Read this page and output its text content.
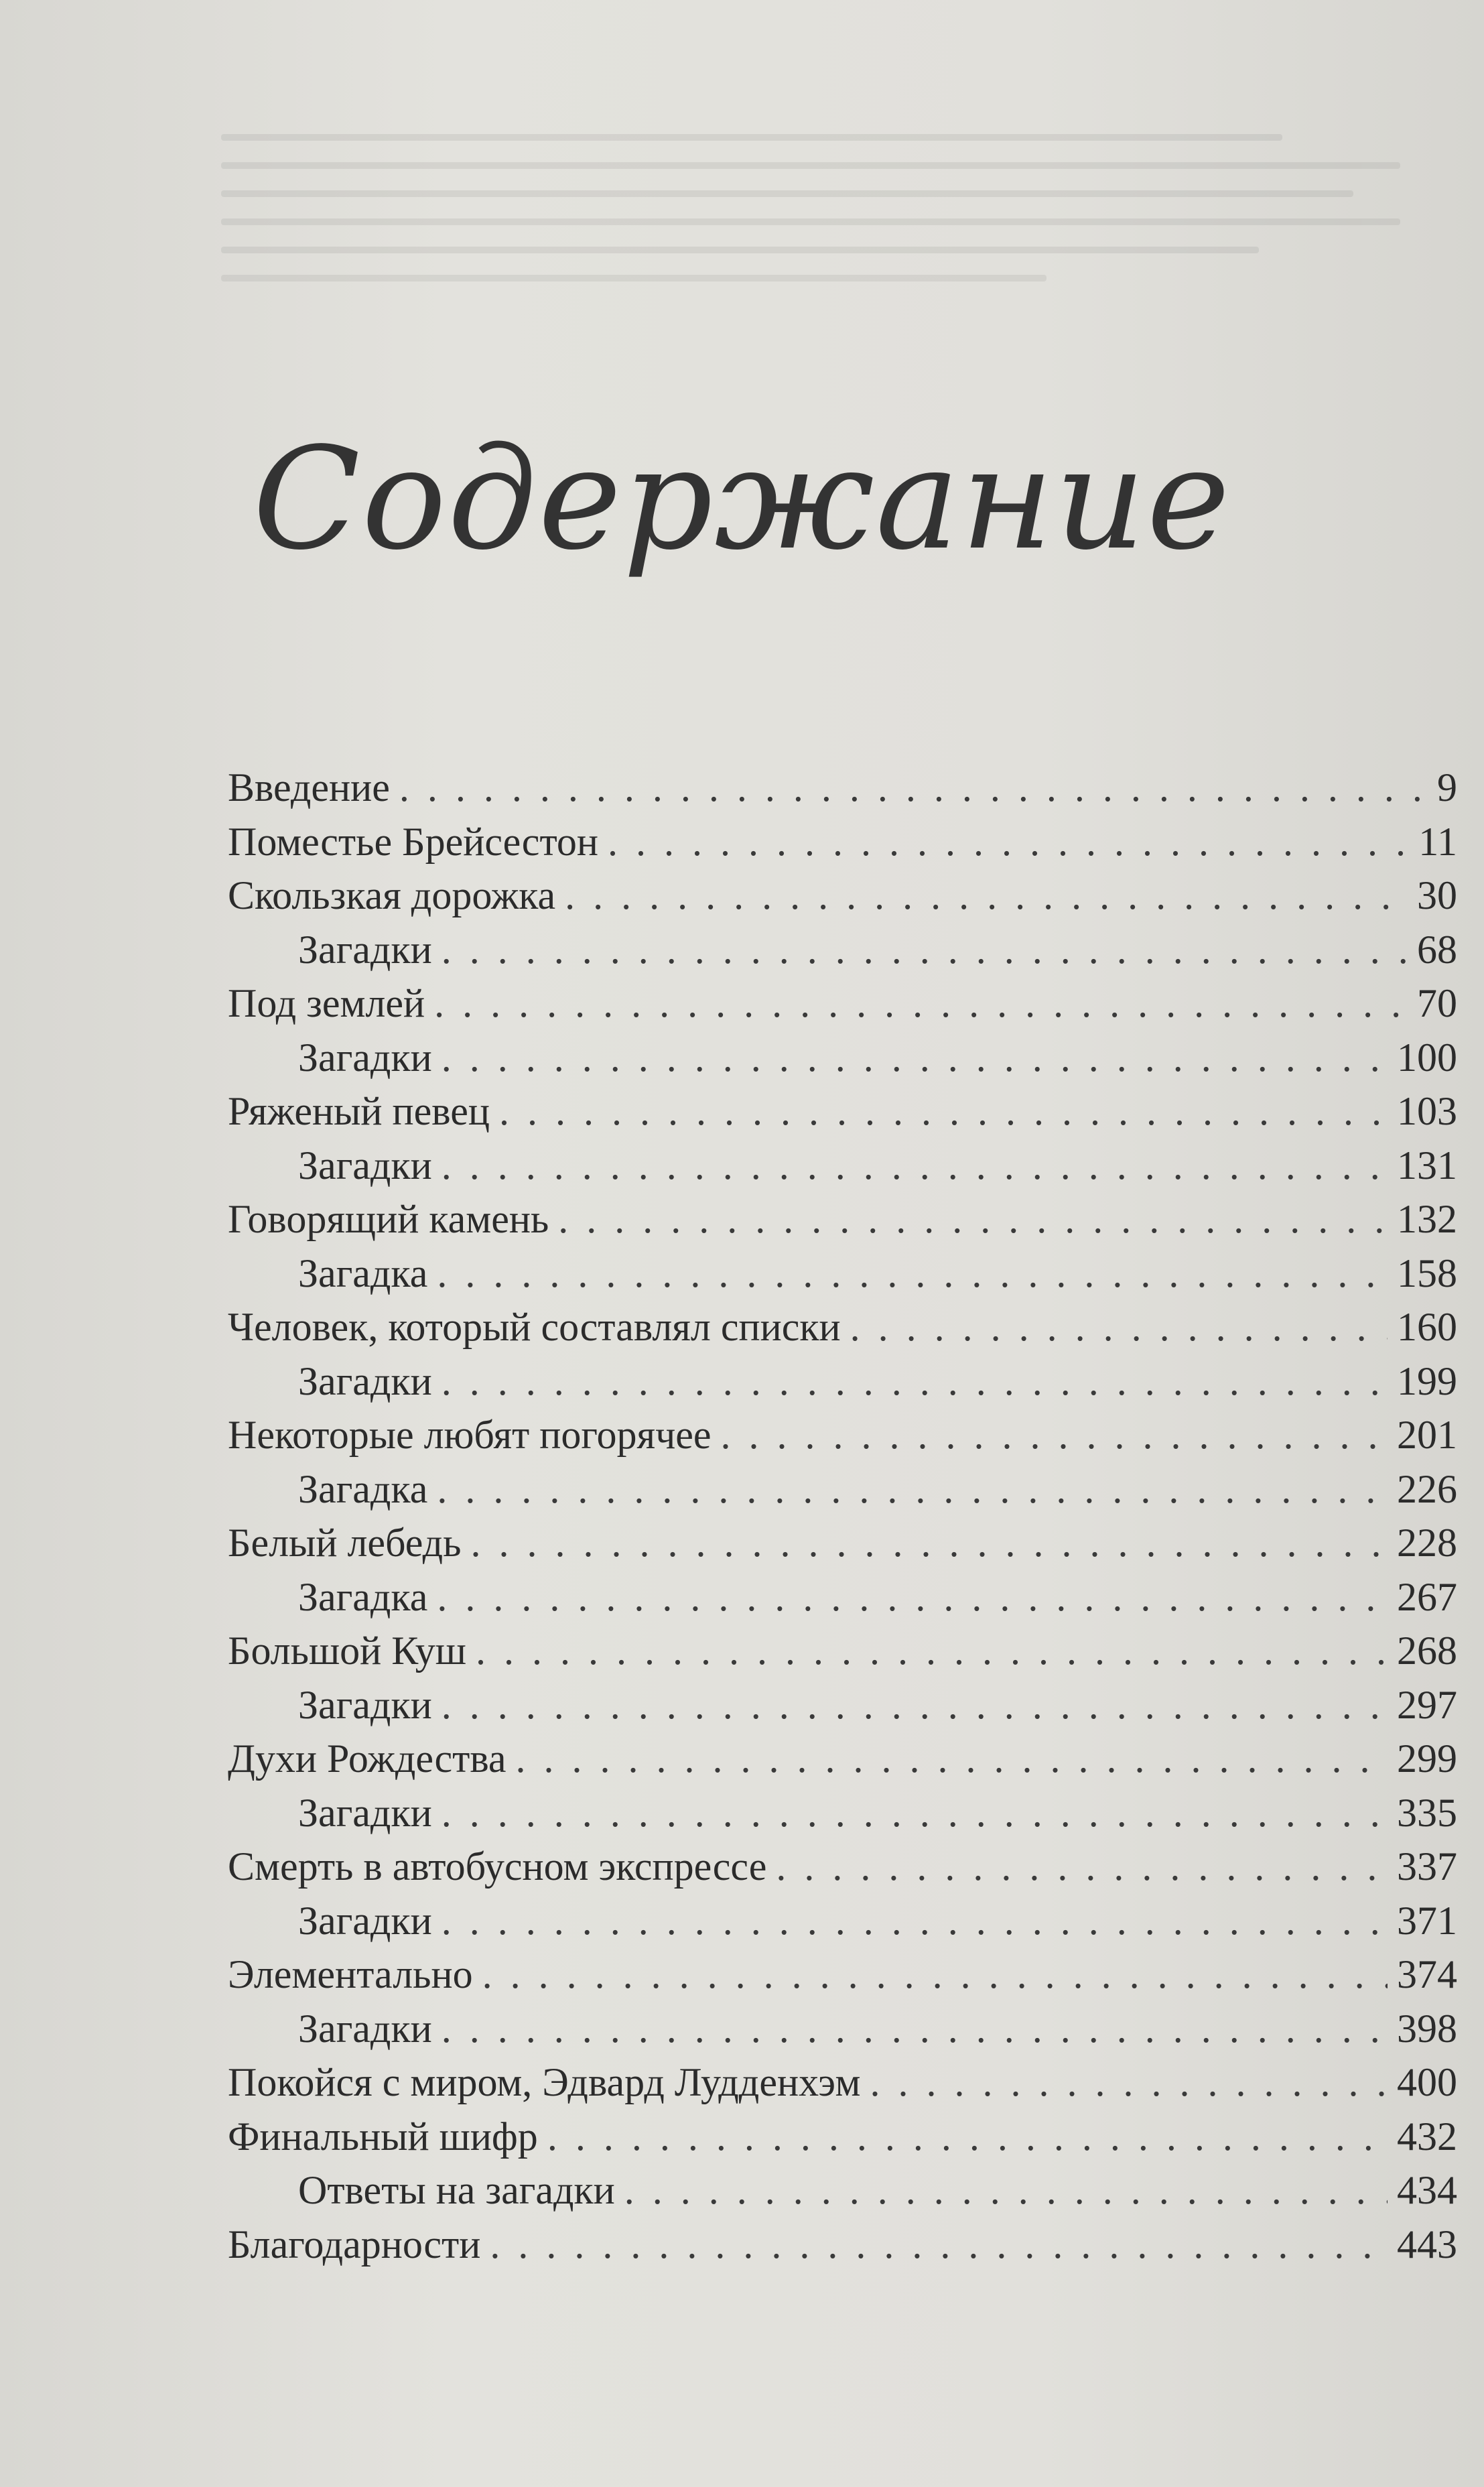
Содержание
Введение .....	9
Поместье Брейсестон .....	11
Скользкая дорожка .....	30
Загадки .....	68
Под землей .....	70
Загадки .....	100
Ряженый певец .....	103
Загадки .....	131
Говорящий камень .....	132
Загадка .....	158
Человек, который составлял списки .....	160
Загадки .....	199
Некоторые любят погорячее .....	201
Загадка .....	226
Белый лебедь .....	228
Загадка .....	267
Большой Куш .....	268
Загадки .....	297
Духи Рождества .....	299
Загадки .....	335
Смерть в автобусном экспрессе .....	337
Загадки .....	371
Элементально .....	374
Загадки .....	398
Покойся с миром, Эдвард Лудденхэм .....	400
Финальный шифр .....	432
Ответы на загадки .....	434
Благодарности .....	443
